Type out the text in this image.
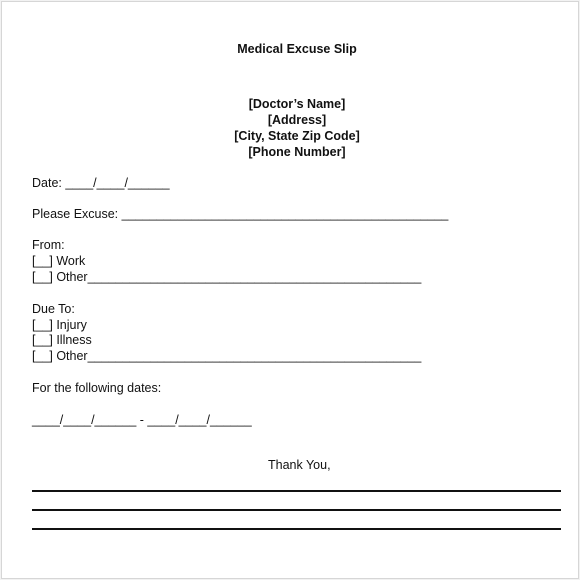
Medical Excuse Slip
[Doctor’s Name]
[Address]
[City, State Zip Code]
[Phone Number]
Date: ____/____/______
Please Excuse: _______________________________________________
From:
[__] Work
[__] Other________________________________________________
Due To:
[__] Injury
[__] Illness
[__] Other________________________________________________
For the following dates:
____/____/______ - ____/____/______
Thank You,
